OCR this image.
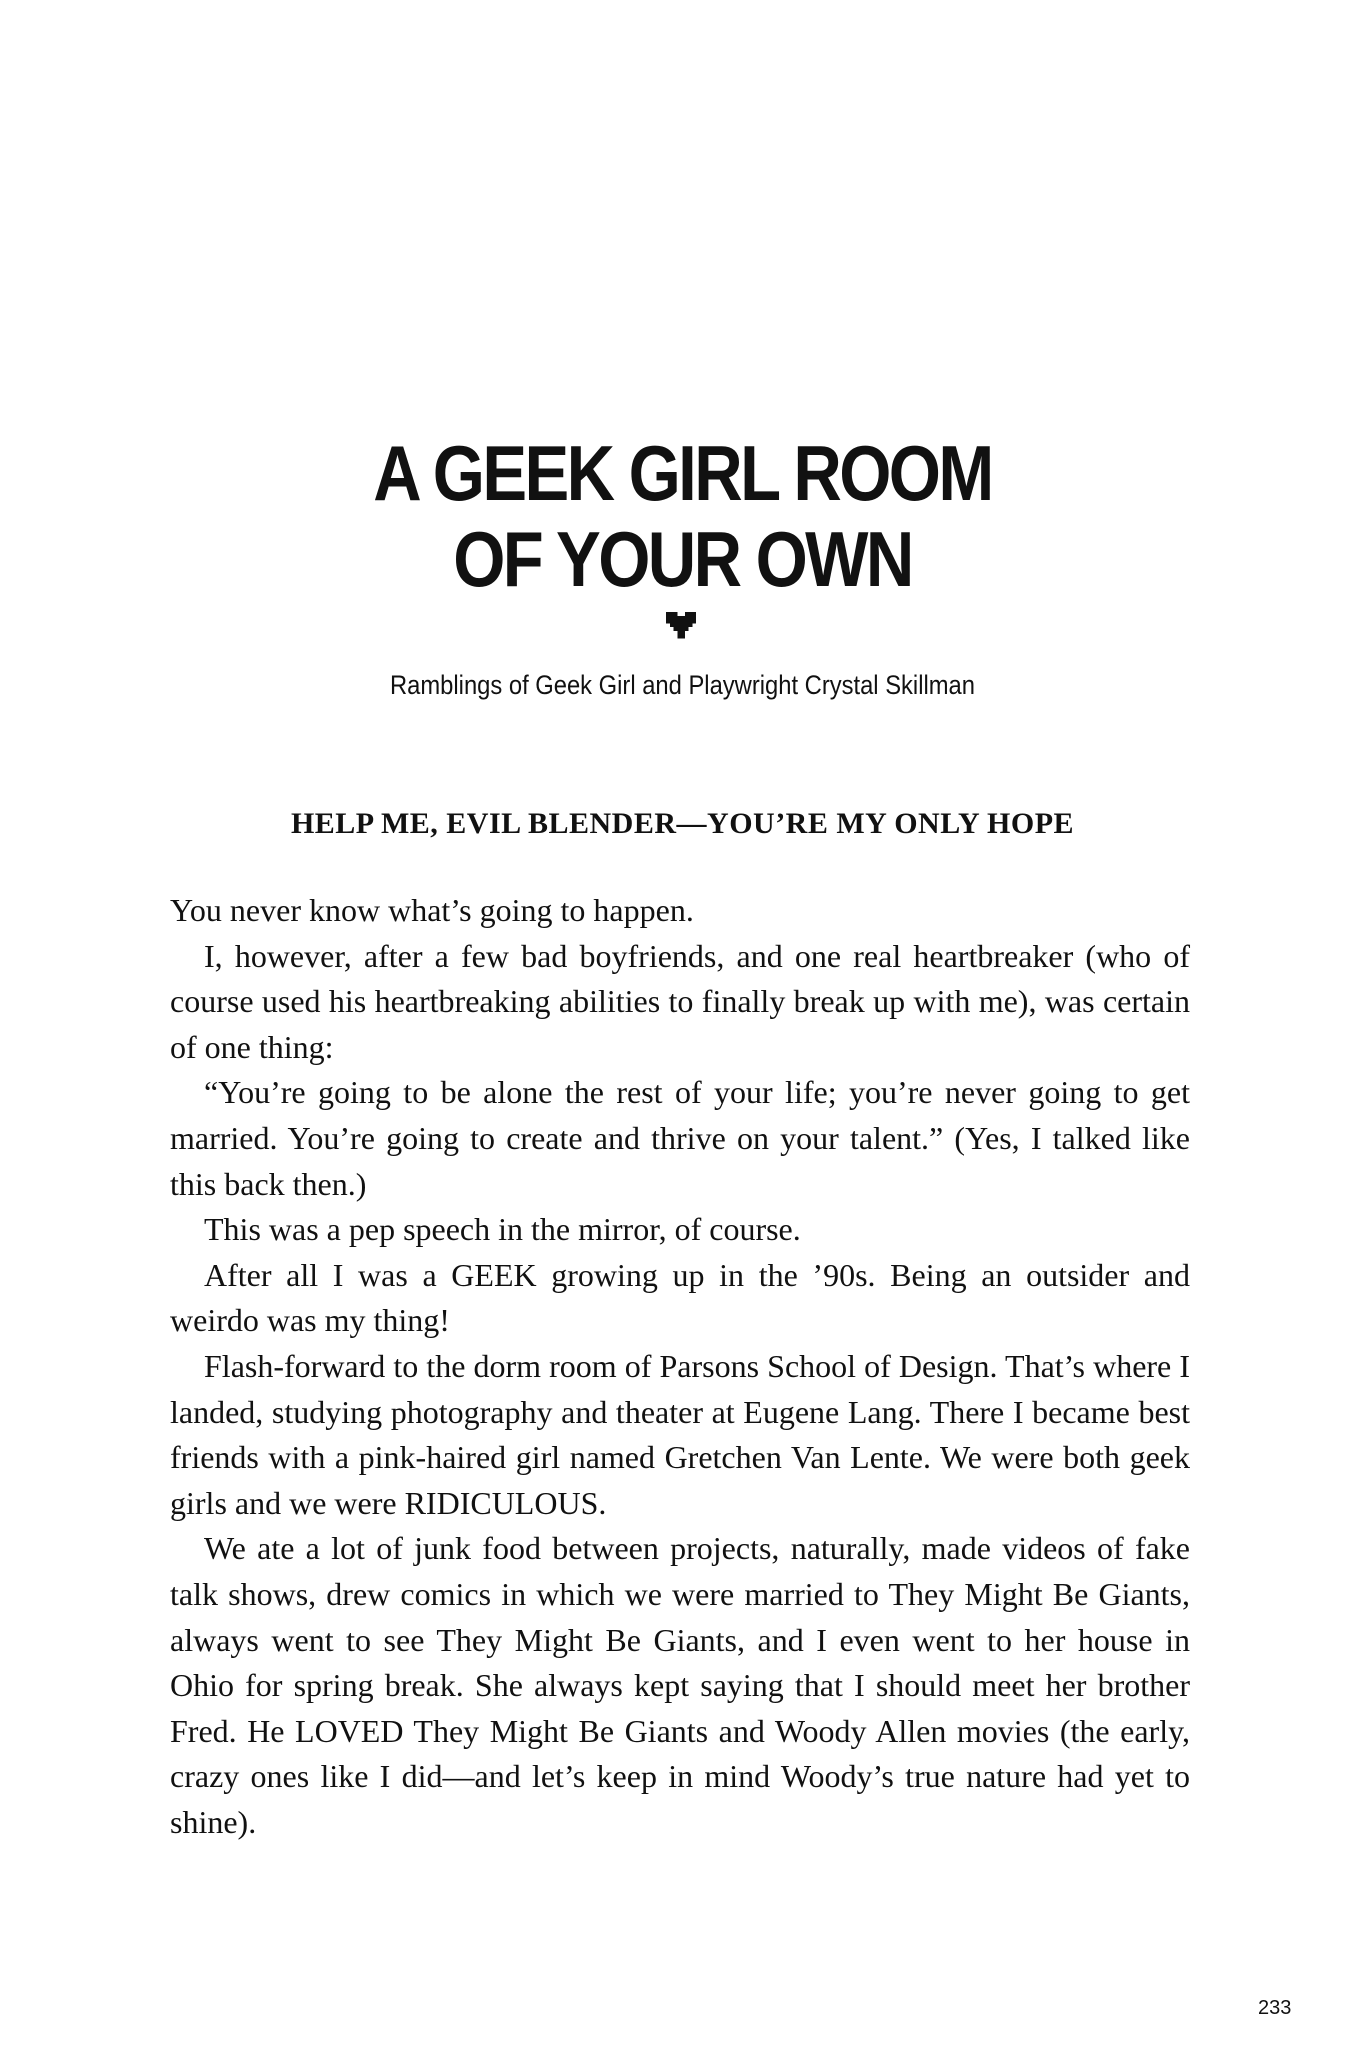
A GEEK GIRL ROOM
OF YOUR OWN

Ramblings of Geek Girl and Playwright Crystal Skillman

HELP ME, EVIL BLENDER—YOU’RE MY ONLY HOPE

You never know what’s going to happen.

I, however, after a few bad boyfriends, and one real heartbreaker (who of course used his heartbreaking abilities to finally break up with me), was certain of one thing:

“You’re going to be alone the rest of your life; you’re never going to get married. You’re going to create and thrive on your talent.” (Yes, I talked like this back then.)

This was a pep speech in the mirror, of course.

After all I was a GEEK growing up in the ’90s. Being an outsider and weirdo was my thing!

Flash-forward to the dorm room of Parsons School of Design. That’s where I landed, studying photography and theater at Eugene Lang. There I became best friends with a pink-haired girl named Gretchen Van Lente. We were both geek girls and we were RIDICULOUS.

We ate a lot of junk food between projects, naturally, made videos of fake talk shows, drew comics in which we were married to They Might Be Giants, always went to see They Might Be Giants, and I even went to her house in Ohio for spring break. She always kept saying that I should meet her brother Fred. He LOVED They Might Be Giants and Woody Allen movies (the early, crazy ones like I did—and let’s keep in mind Woody’s true nature had yet to shine).

233
